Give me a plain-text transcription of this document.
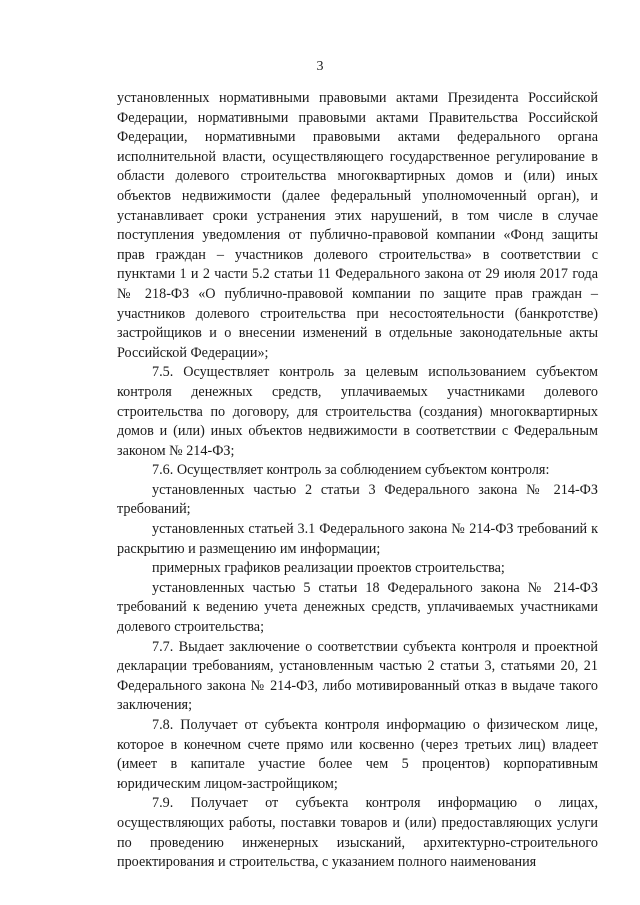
3

установленных нормативными правовыми актами Президента Российской Федерации, нормативными правовыми актами Правительства Российской Федерации, нормативными правовыми актами федерального органа исполнительной власти, осуществляющего государственное регулирование в области долевого строительства многоквартирных домов и (или) иных объектов недвижимости (далее федеральный уполномоченный орган), и устанавливает сроки устранения этих нарушений, в том числе в случае поступления уведомления от публично-правовой компании «Фонд защиты прав граждан – участников долевого строительства» в соответствии с пунктами 1 и 2 части 5.2 статьи 11 Федерального закона от 29 июля 2017 года № 218-ФЗ «О публично-правовой компании по защите прав граждан – участников долевого строительства при несостоятельности (банкротстве) застройщиков и о внесении изменений в отдельные законодательные акты Российской Федерации»;

7.5. Осуществляет контроль за целевым использованием субъектом контроля денежных средств, уплачиваемых участниками долевого строительства по договору, для строительства (создания) многоквартирных домов и (или) иных объектов недвижимости в соответствии с Федеральным законом № 214-ФЗ;

7.6. Осуществляет контроль за соблюдением субъектом контроля:

установленных частью 2 статьи 3 Федерального закона № 214-ФЗ требований;

установленных статьей 3.1 Федерального закона № 214-ФЗ требований к раскрытию и размещению им информации;

примерных графиков реализации проектов строительства;

установленных частью 5 статьи 18 Федерального закона № 214-ФЗ требований к ведению учета денежных средств, уплачиваемых участниками долевого строительства;

7.7. Выдает заключение о соответствии субъекта контроля и проектной декларации требованиям, установленным частью 2 статьи 3, статьями 20, 21 Федерального закона № 214-ФЗ, либо мотивированный отказ в выдаче такого заключения;

7.8. Получает от субъекта контроля информацию о физическом лице, которое в конечном счете прямо или косвенно (через третьих лиц) владеет (имеет в капитале участие более чем 5 процентов) корпоративным юридическим лицом-застройщиком;

7.9. Получает от субъекта контроля информацию о лицах, осуществляющих работы, поставки товаров и (или) предоставляющих услуги по проведению инженерных изысканий, архитектурно-строительного проектирования и строительства, с указанием полного наименования
